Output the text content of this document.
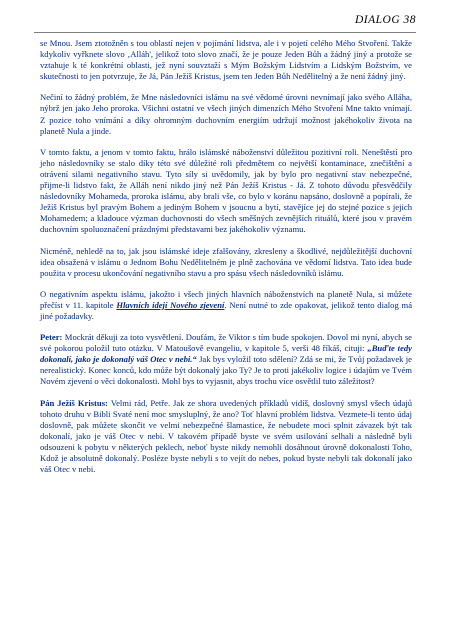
DIALOG 38

se Mnou. Jsem ztotožněn s tou oblastí nejen v pojímání lidstva, ale i v pojetí celého Mého Stvoření. Takže kdykoliv vyřknete slovo ‚Alláh', jelikož toto slovo značí, že je pouze Jeden Bůh a žádný jiný a protože se vztahuje k té konkrétní oblasti, jež nyní souvztaží s Mým Božským Lidstvím a Lidským Božstvím, ve skutečnosti to jen potvrzuje, že Já, Pán Ježíš Kristus, jsem ten Jeden Bůh Nedělitelný a že není žádný jiný.

Nečiní to žádný problém, že Mne následovníci islámu na své vědomé úrovni nevnímají jako svého Alláha, nýbrž jen jako Jeho proroka. Všichni ostatní ve všech jiných dimenzích Mého Stvoření Mne takto vnímají. Z pozice toho vnímání a díky ohromným duchovním energiím udržují možnost jakéhokoliv života na planetě Nula a jinde.

V tomto faktu, a jenom v tomto faktu, hrálo islámské náboženství důležitou pozitivní roli. Neneštěstí pro jeho následovníky se stalo díky této své důležité roli předmětem co největší kontaminace, znečištění a otrávení silami negativního stavu. Tyto síly si uvědomily, jak by bylo pro negativní stav nebezpečné, přijme-li lidstvo fakt, že Alláh není nikdo jiný než Pán Ježíš Kristus - Já. Z tohoto důvodu přesvědčily následovníky Mohameda, proroka islámu, aby brali vše, co bylo v koránu napsáno, doslovně a popírali, že Ježíš Kristus byl pravým Bohem a jediným Bohem v jsoucnu a bytí, stavějíce jej do stejné pozice s jejich Mohamedem; a kladouce výzman duchovnosti do všech směšných zevnějších rituálů, které jsou v pravém duchovním spoluoznačení prázdnými představami bez jakéhokoliv významu.

Nicméně, nehledě na to, jak jsou islámské ideje zfalšovány, zkresleny a škodlivé, nejdůležitější duchovní idea obsažená v islámu o Jednom Bohu Nedělitelném je plně zachována ve vědomí lidstva. Tato idea bude použita v procesu ukončování negativního stavu a pro spásu všech následovníků islámu.

O negativním aspektu islámu, jakožto i všech jiných hlavních náboženstvích na planetě Nula, si můžete přečíst v 11. kapitole Hlavních idejí Nového zjevení. Není nutné to zde opakovat, jelikož tento dialog má jiné požadavky.

Peter: Mockrát děkuji za toto vysvětlení. Doufám, že Viktor s tím bude spokojen. Dovol mi nyní, abych se své pokorou položil tuto otázku. V Matoušově evangeliu, v kapitole 5, verši 48 říkáš, cituji: „Buďte tedy dokonalí, jako je dokonalý váš Otec v nebi.“ Jak bys vyložil toto sdělení? Zdá se mi, že Tvůj požadavek je nerealistický. Konec konců, kdo může být dokonalý jako Ty? Je to proti jakékoliv logice i údajům ve Tvém Novém zjevení o věci dokonalosti. Mohl bys to vyjasnit, abys trochu více osvětlil tuto záležitost?

Pán Ježíš Kristus: Velmi rád, Petře. Jak ze shora uvedených příkladů vidíš, doslovný smysl všech údajů tohoto druhu v Bibli Svaté není moc smysluplný, že ano? Toť hlavní problém lidstva. Vezmete-li tento údaj doslovně, pak můžete skončit ve velmi nebezpečné šlamastice, že nebudete moci splnit závazek být tak dokonalí, jako je váš Otec v nebi. V takovém případě byste ve svém usilování selhali a následně byli odsouzeni k pobytu v některých peklech, neboť byste nikdy nemohli dosáhnout úrovně dokonalosti Toho, Kdož je absolutně dokonalý. Posléze byste nebyli s to vejít do nebes, pokud byste nebyli tak dokonalí jako váš Otec v nebi.
